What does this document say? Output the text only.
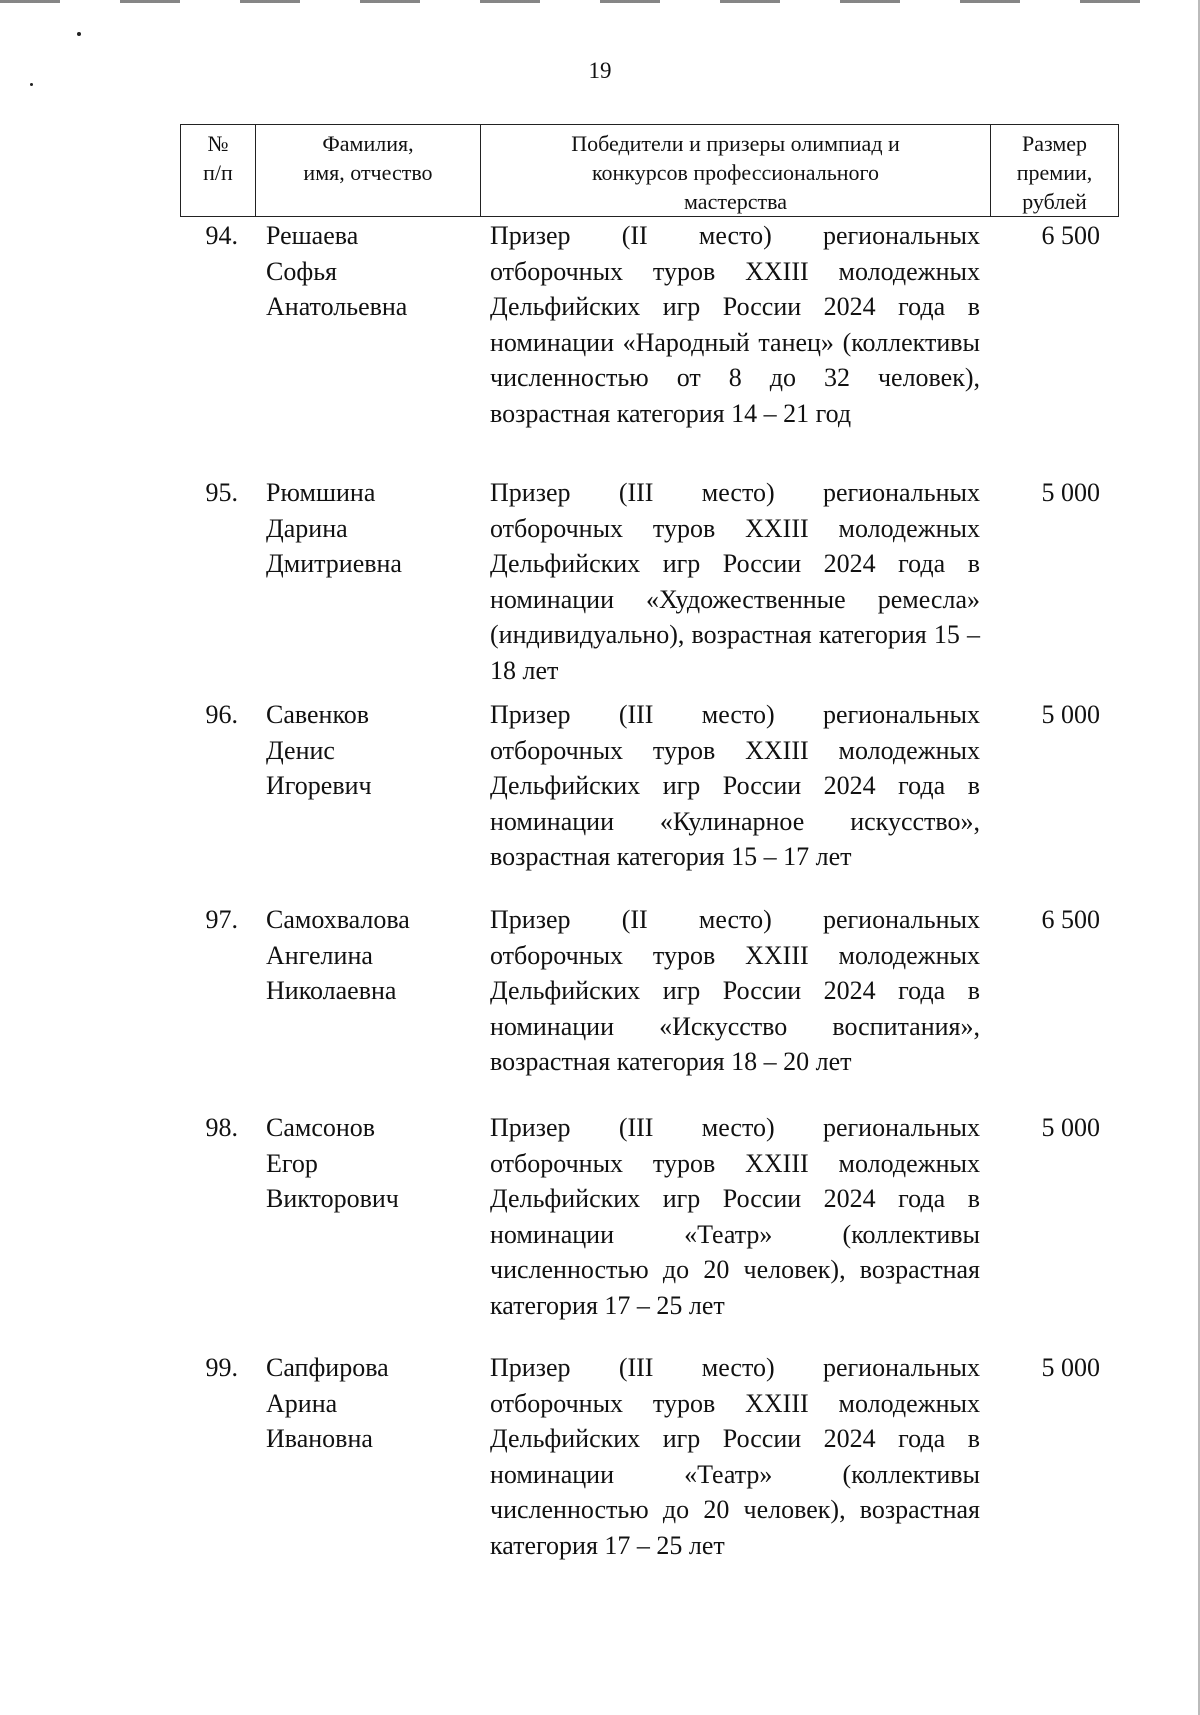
19
№
п/п
Фамилия,
имя, отчество
Победители и призеры олимпиад и
конкурсов профессионального
мастерства
Размер
премии,
рублей
94. Решаева
Софья
Анатольевна
Призер (II место) региональных отборочных туров XXIII молодежных Дельфийских игр России 2024 года в номинации «Народный танец» (коллективы численностью от 8 до 32 человек), возрастная категория 14 – 21 год
6 500
95. Рюмшина
Дарина
Дмитриевна
Призер (III место) региональных отборочных туров XXIII молодежных Дельфийских игр России 2024 года в номинации «Художественные ремесла» (индивидуально), возрастная категория 15 – 18 лет
5 000
96. Савенков
Денис
Игоревич
Призер (III место) региональных отборочных туров XXIII молодежных Дельфийских игр России 2024 года в номинации «Кулинарное искусство», возрастная категория 15 – 17 лет
5 000
97. Самохвалова
Ангелина
Николаевна
Призер (II место) региональных отборочных туров XXIII молодежных Дельфийских игр России 2024 года в номинации «Искусство воспитания», возрастная категория 18 – 20 лет
6 500
98. Самсонов
Егор
Викторович
Призер (III место) региональных отборочных туров XXIII молодежных Дельфийских игр России 2024 года в номинации «Театр» (коллективы численностью до 20 человек), возрастная категория 17 – 25 лет
5 000
99. Сапфирова
Арина
Ивановна
Призер (III место) региональных отборочных туров XXIII молодежных Дельфийских игр России 2024 года в номинации «Театр» (коллективы численностью до 20 человек), возрастная категория 17 – 25 лет
5 000
